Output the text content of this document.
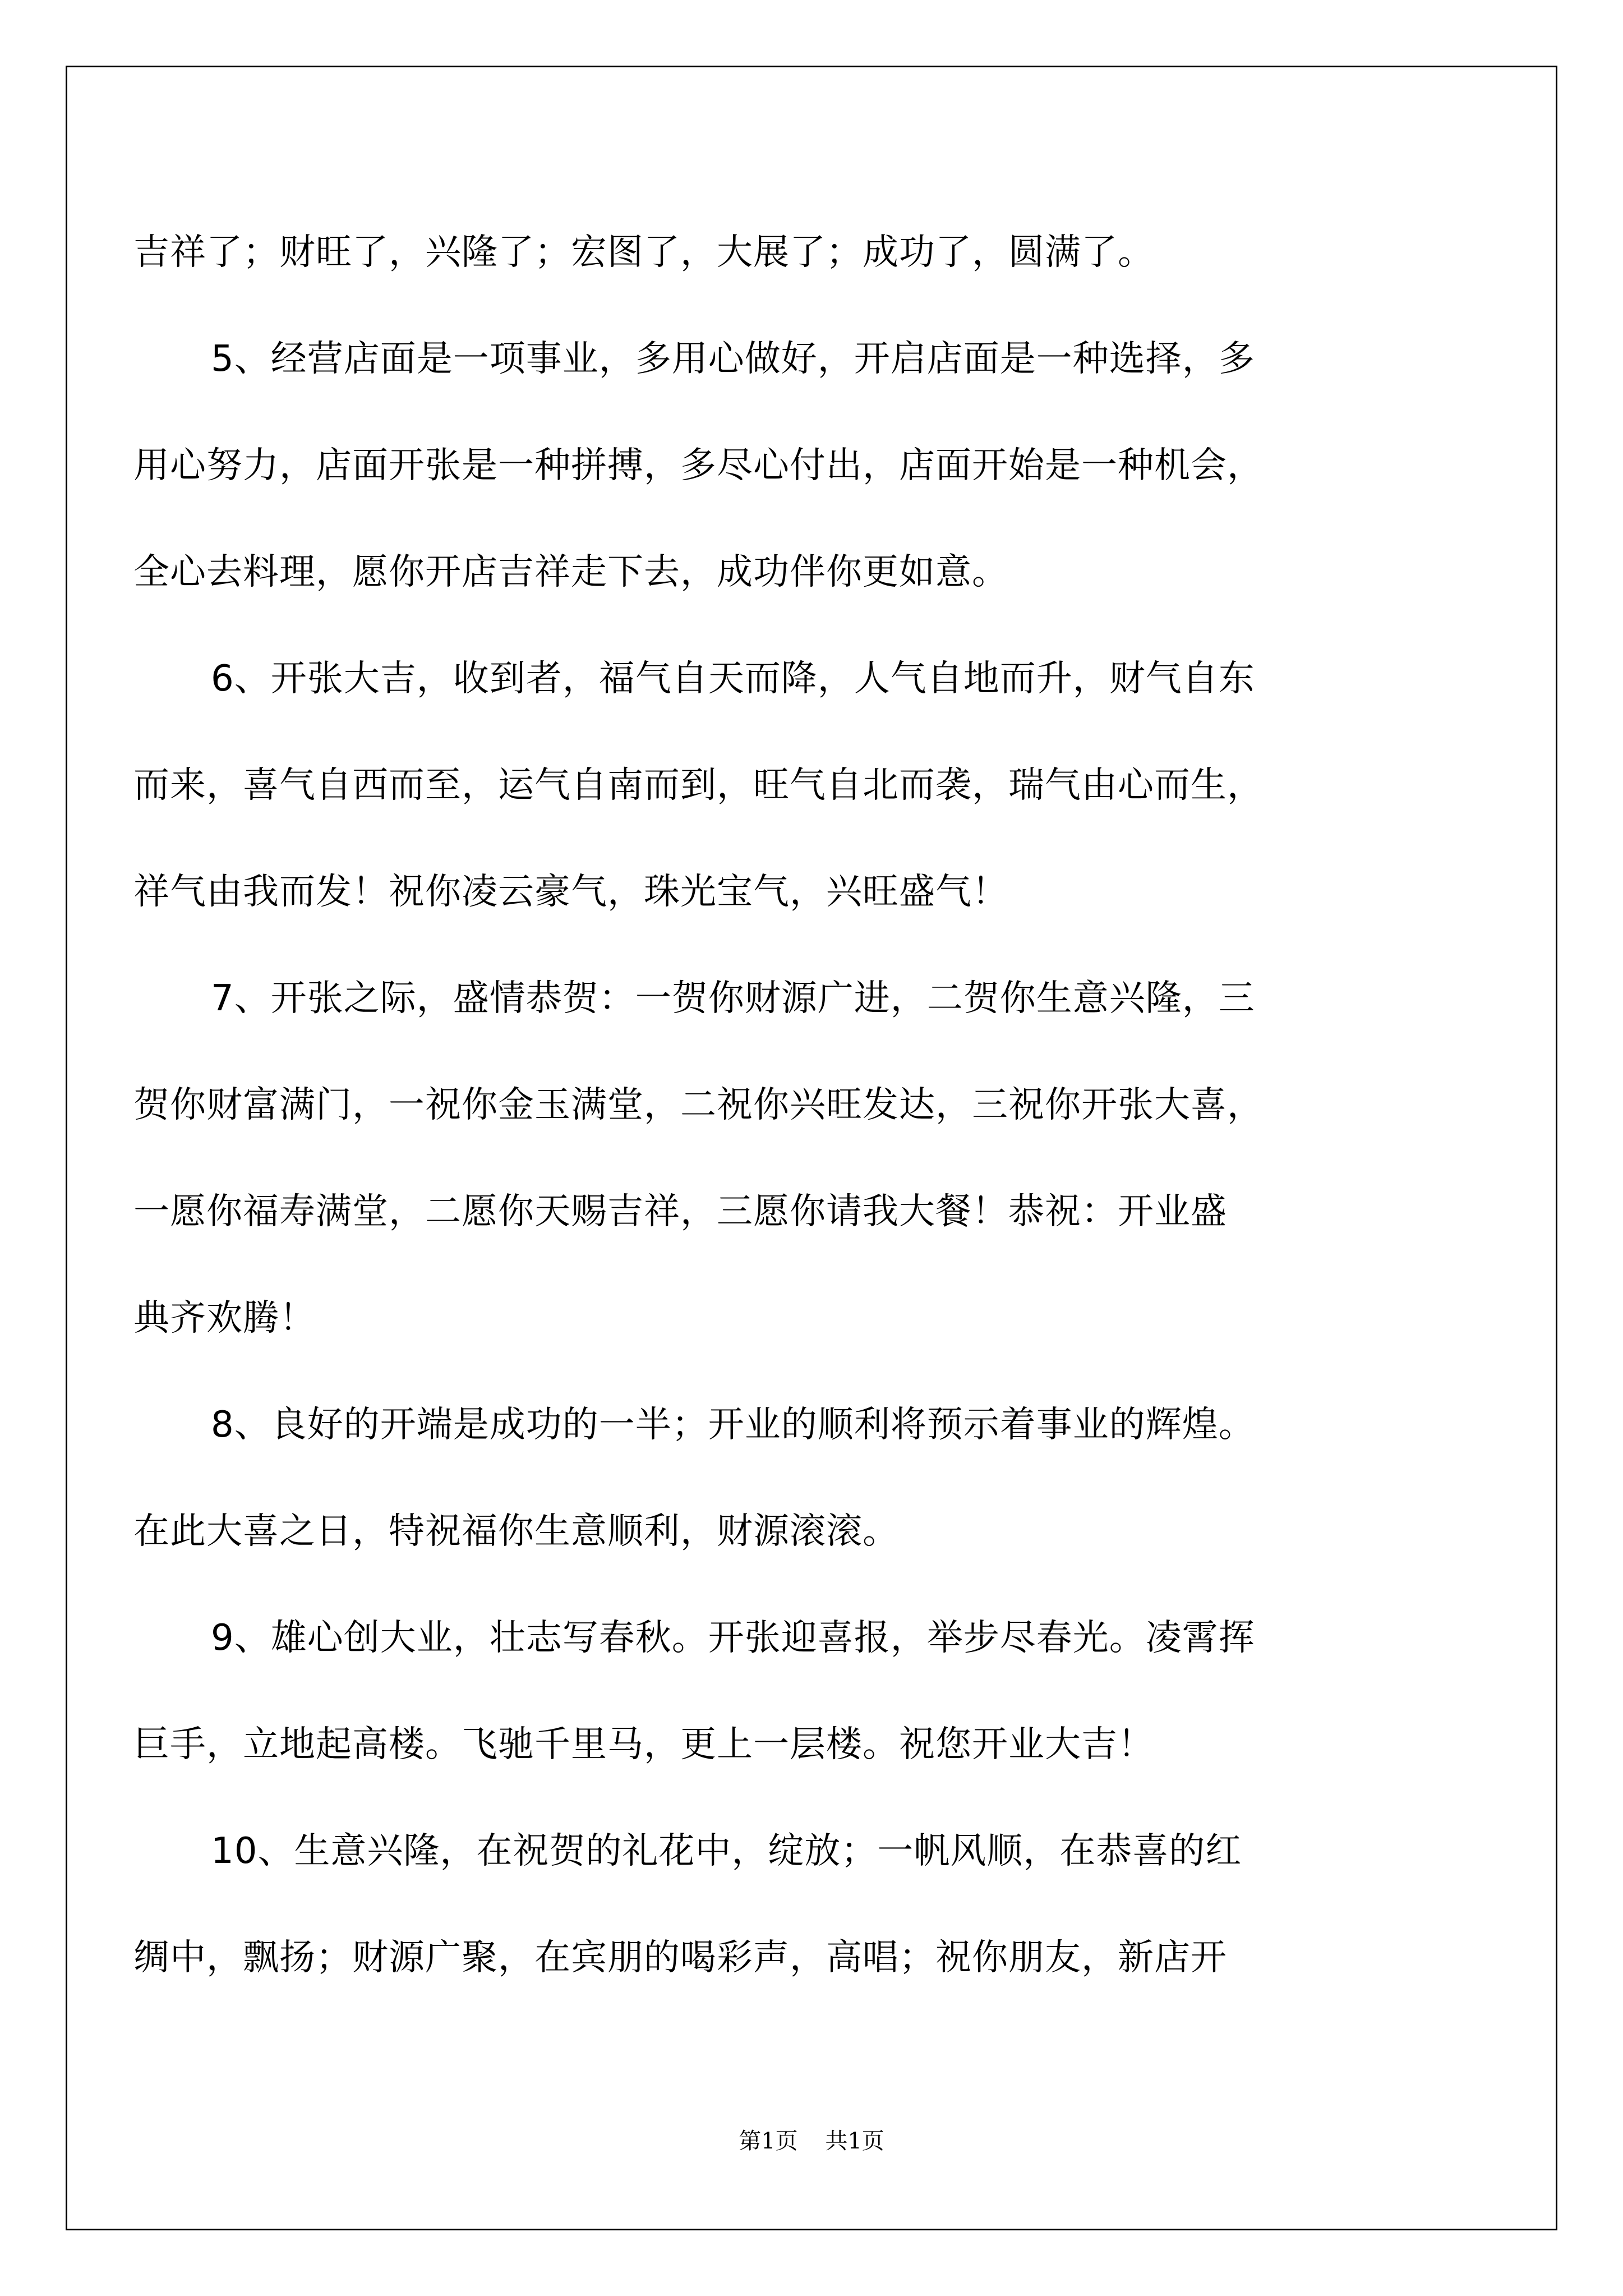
吉祥了；财旺了，兴隆了；宏图了，大展了；成功了，圆满了。
5、经营店面是一项事业，多用心做好，开启店面是一种选择，多
用心努力，店面开张是一种拼搏，多尽心付出，店面开始是一种机会，
全心去料理，愿你开店吉祥走下去，成功伴你更如意。
6、开张大吉，收到者，福气自天而降，人气自地而升，财气自东
而来，喜气自西而至，运气自南而到，旺气自北而袭，瑞气由心而生，
祥气由我而发！祝你凌云豪气，珠光宝气，兴旺盛气！
7、开张之际，盛情恭贺：一贺你财源广进，二贺你生意兴隆，三
贺你财富满门，一祝你金玉满堂，二祝你兴旺发达，三祝你开张大喜，
一愿你福寿满堂，二愿你天赐吉祥，三愿你请我大餐！恭祝：开业盛
典齐欢腾！
8、良好的开端是成功的一半；开业的顺利将预示着事业的辉煌。
在此大喜之日，特祝福你生意顺利，财源滚滚。
9、雄心创大业，壮志写春秋。开张迎喜报，举步尽春光。凌霄挥
巨手，立地起高楼。飞驰千里马，更上一层楼。祝您开业大吉！
10、生意兴隆，在祝贺的礼花中，绽放；一帆风顺，在恭喜的红
绸中，飘扬；财源广聚，在宾朋的喝彩声，高唱；祝你朋友，新店开
第1页 共1页
